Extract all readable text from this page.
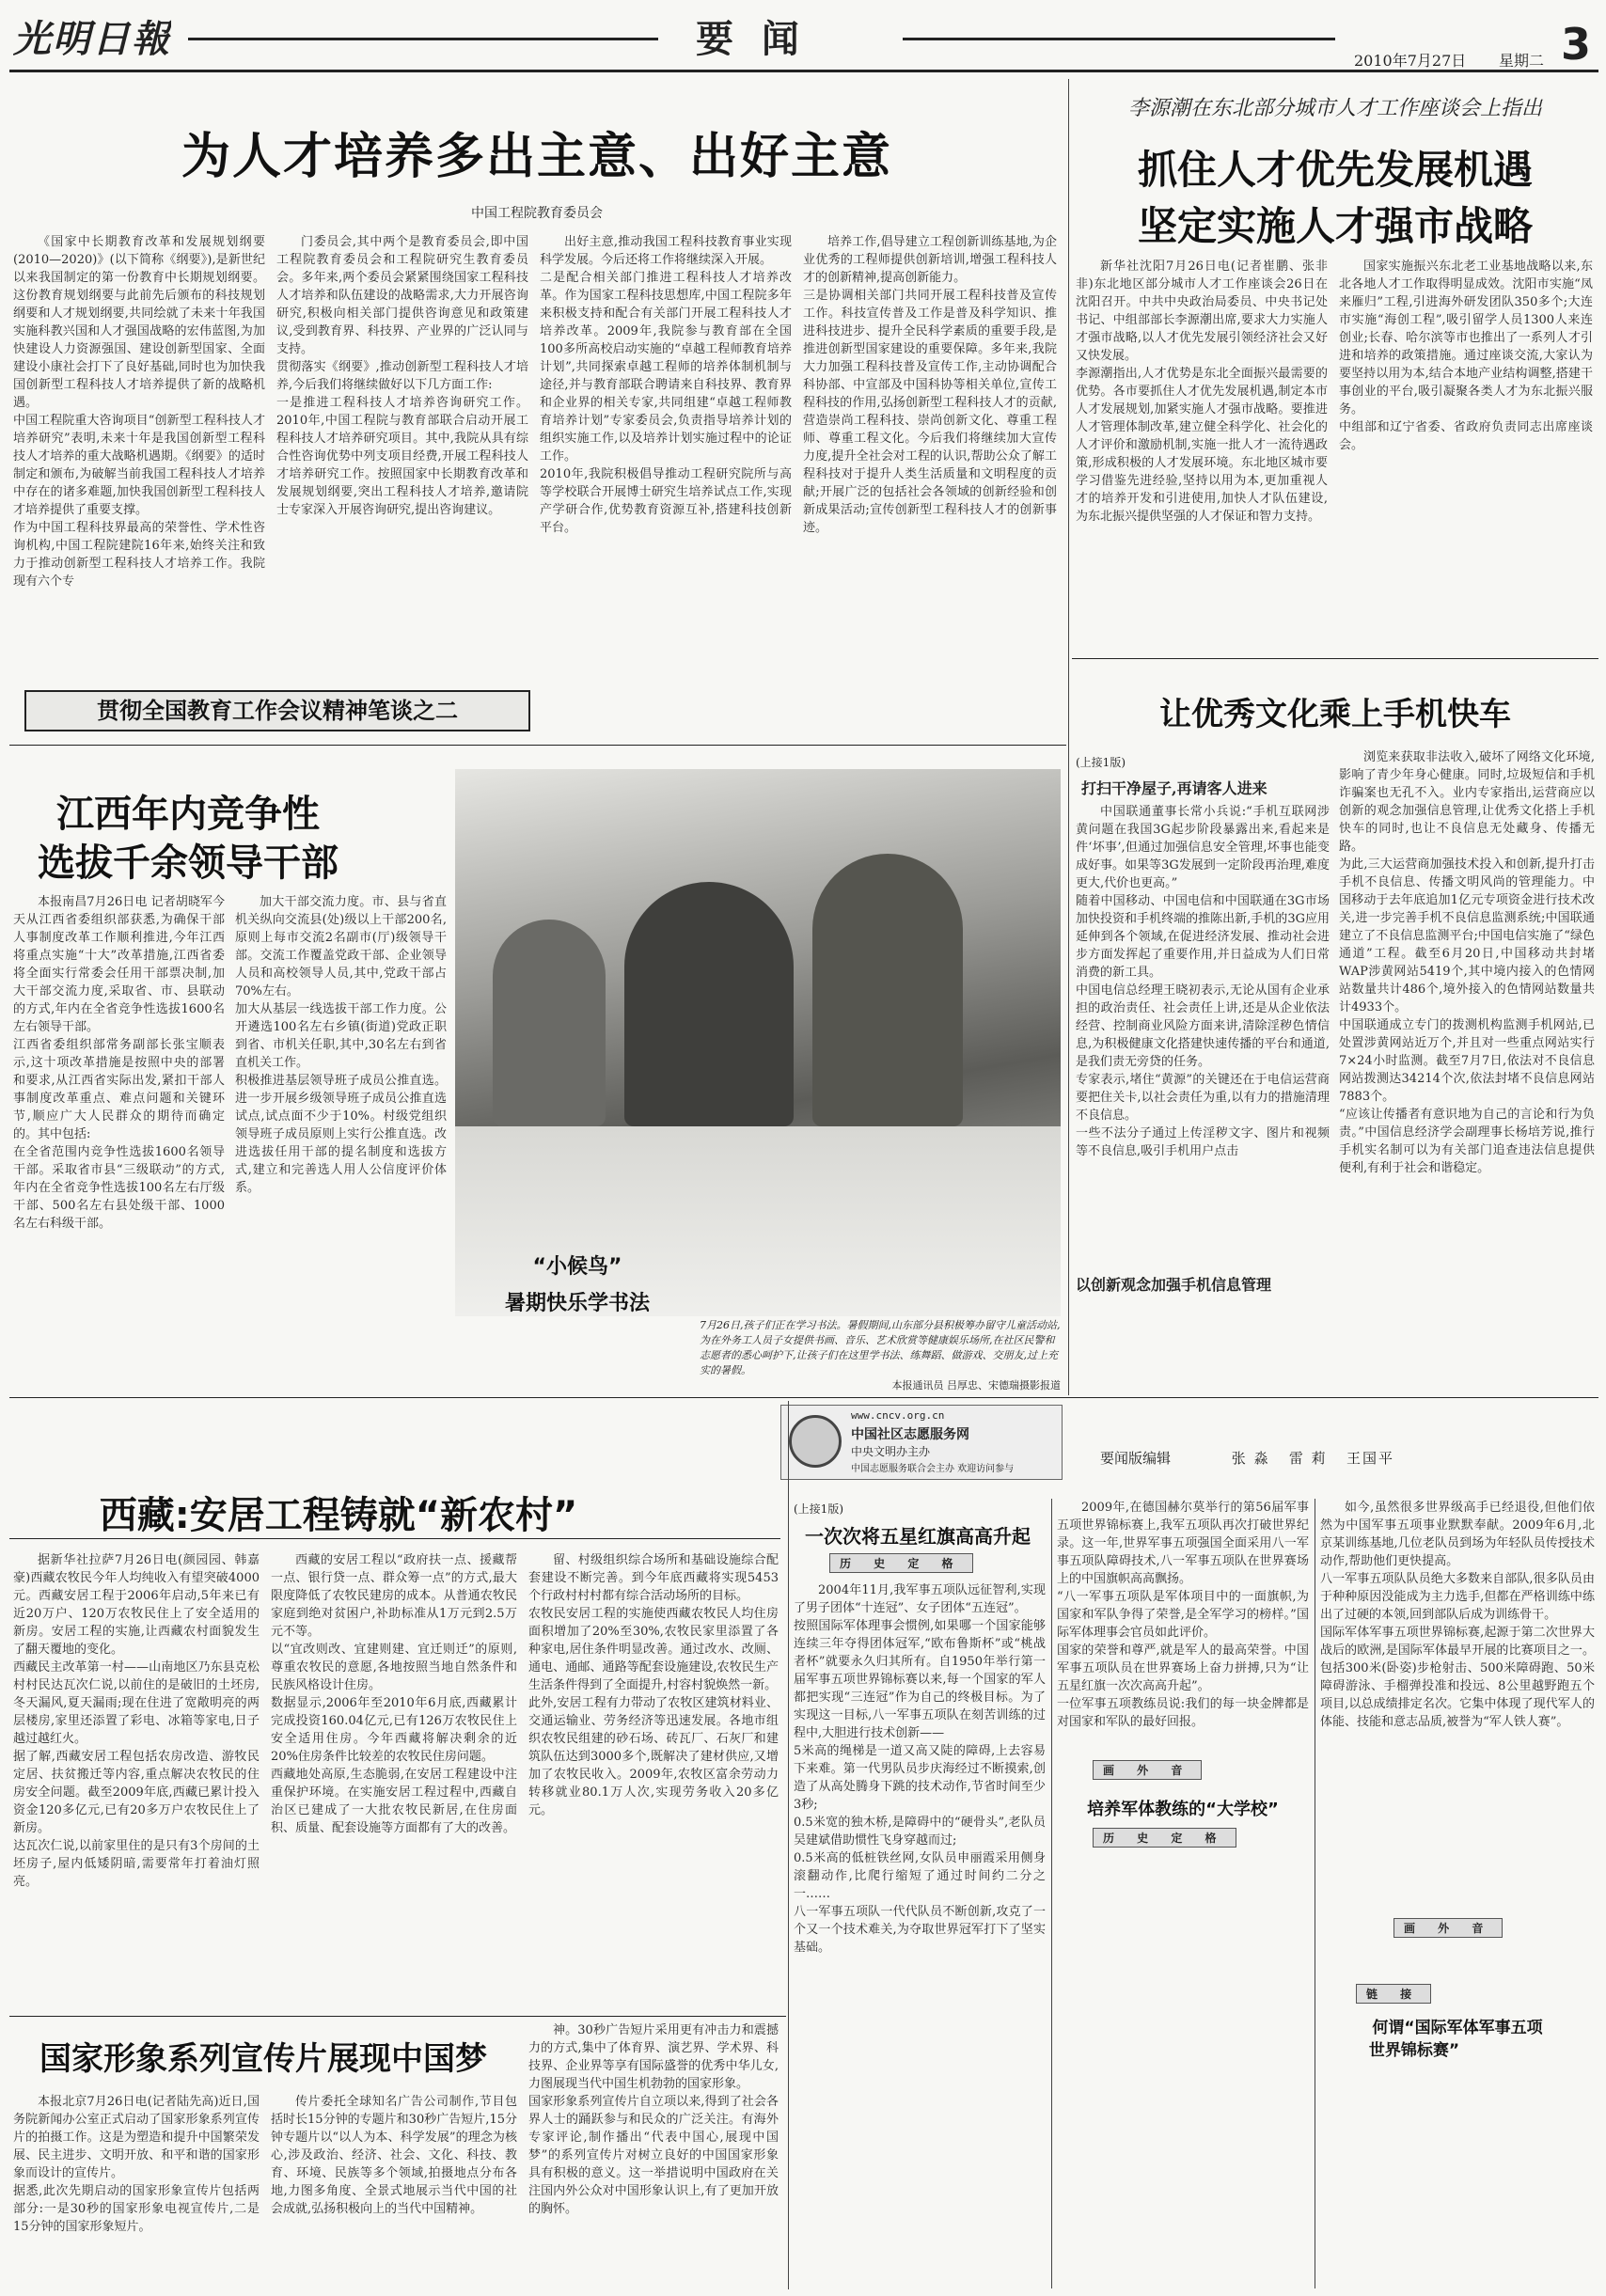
光明日報	要 闻	2010年7月27日 星期二 3
为人才培养多出主意、出好主意
中国工程院教育委员会
《国家中长期教育改革和发展规划纲要(2010—2020)》(以下简称《纲要》),是新世纪以来我国制定的第一份教育中长期规划纲要。这份教育规划纲要与此前先后颁布的科技规划纲要和人才规划纲要,共同绘就了未来十年我国实施科教兴国和人才强国战略的宏伟蓝图,为加快建设人力资源强国、建设创新型国家、全面建设小康社会打下了良好基础,同时也为加快我国创新型工程科技人才培养提供了新的战略机遇。
中国工程院重大咨询项目“创新型工程科技人才培养研究”表明,未来十年是我国创新型工程科技人才培养的重大战略机遇期。《纲要》的适时制定和颁布,为破解当前我国工程科技人才培养中存在的诸多难题,加快我国创新型工程科技人才培养提供了重要支撑。
作为中国工程科技界最高的荣誉性、学术性咨询机构,中国工程院建院16年来,始终关注和致力于推动创新型工程科技人才培养工作。我院现有六个专
门委员会,其中两个是教育委员会,即中国工程院教育委员会和工程院研究生教育委员会。多年来,两个委员会紧紧围绕国家工程科技人才培养和队伍建设的战略需求,大力开展咨询研究,积极向相关部门提供咨询意见和政策建议,受到教育界、科技界、产业界的广泛认同与支持。
贯彻落实《纲要》,推动创新型工程科技人才培养,今后我们将继续做好以下几方面工作:
一是推进工程科技人才培养咨询研究工作。2010年,中国工程院与教育部联合启动开展工程科技人才培养研究项目。其中,我院从具有综合性咨询优势中列支项目经费,开展工程科技人才培养研究工作。按照国家中长期教育改革和发展规划纲要,突出工程科技人才培养,邀请院士专家深入开展咨询研究,提出咨询建议。
出好主意,推动我国工程科技教育事业实现科学发展。今后还将工作将继续深入开展。
二是配合相关部门推进工程科技人才培养改革。作为国家工程科技思想库,中国工程院多年来积极支持和配合有关部门开展工程科技人才培养改革。2009年,我院参与教育部在全国100多所高校启动实施的“卓越工程师教育培养计划”,共同探索卓越工程师的培养体制机制与途径,并与教育部联合聘请来自科技界、教育界和企业界的相关专家,共同组建“卓越工程师教育培养计划”专家委员会,负责指导培养计划的组织实施工作,以及培养计划实施过程中的论证工作。
2010年,我院积极倡导推动工程研究院所与高等学校联合开展博士研究生培养试点工作,实现产学研合作,优势教育资源互补,搭建科技创新平台。
培养工作,倡导建立工程创新训练基地,为企业优秀的工程师提供创新培训,增强工程科技人才的创新精神,提高创新能力。
三是协调相关部门共同开展工程科技普及宣传工作。科技宣传普及工作是普及科学知识、推进科技进步、提升全民科学素质的重要手段,是推进创新型国家建设的重要保障。多年来,我院大力加强工程科技普及宣传工作,主动协调配合科协部、中宣部及中国科协等相关单位,宣传工程科技的作用,弘扬创新型工程科技人才的贡献,营造崇尚工程科技、崇尚创新文化、尊重工程师、尊重工程文化。今后我们将继续加大宣传力度,提升全社会对工程的认识,帮助公众了解工程科技对于提升人类生活质量和文明程度的贡献;开展广泛的包括社会各领域的创新经验和创新成果活动;宣传创新型工程科技人才的创新事迹。
贯彻全国教育工作会议精神笔谈之二
李源潮在东北部分城市人才工作座谈会上指出
抓住人才优先发展机遇
坚定实施人才强市战略
新华社沈阳7月26日电(记者崔鹏、张非非)东北地区部分城市人才工作座谈会26日在沈阳召开。中共中央政治局委员、中央书记处书记、中组部部长李源潮出席,要求大力实施人才强市战略,以人才优先发展引领经济社会又好又快发展。
李源潮指出,人才优势是东北全面振兴最需要的优势。各市要抓住人才优先发展机遇,制定本市人才发展规划,加紧实施人才强市战略。要推进人才管理体制改革,建立健全科学化、社会化的人才评价和激励机制,实施一批人才一流待遇政策,形成积极的人才发展环境。东北地区城市要学习借鉴先进经验,坚持以用为本,更加重视人才的培养开发和引进使用,加快人才队伍建设,为东北振兴提供坚强的人才保证和智力支持。
国家实施振兴东北老工业基地战略以来,东北各地人才工作取得明显成效。沈阳市实施“凤来雁归”工程,引进海外研发团队350多个;大连市实施“海创工程”,吸引留学人员1300人来连创业;长春、哈尔滨等市也推出了一系列人才引进和培养的政策措施。通过座谈交流,大家认为要坚持以用为本,结合本地产业结构调整,搭建干事创业的平台,吸引凝聚各类人才为东北振兴服务。
中组部和辽宁省委、省政府负责同志出席座谈会。
让优秀文化乘上手机快车
(上接1版)
打扫干净屋子,再请客人进来
中国联通董事长常小兵说:“手机互联网涉黄问题在我国3G起步阶段暴露出来,看起来是件‘坏事’,但通过加强信息安全管理,坏事也能变成好事。如果等3G发展到一定阶段再治理,难度更大,代价也更高。”
随着中国移动、中国电信和中国联通在3G市场加快投资和手机终端的推陈出新,手机的3G应用延伸到各个领域,在促进经济发展、推动社会进步方面发挥起了重要作用,并日益成为人们日常消费的新工具。
中国电信总经理王晓初表示,无论从国有企业承担的政治责任、社会责任上讲,还是从企业依法经营、控制商业风险方面来讲,清除淫秽色情信息,为积极健康文化搭建快速传播的平台和通道,是我们责无旁贷的任务。
专家表示,堵住“黄源”的关键还在于电信运营商要把住关卡,以社会责任为重,以有力的措施清理不良信息。
一些不法分子通过上传淫秽文字、图片和视频等不良信息,吸引手机用户点击
以创新观念加强手机信息管理
浏览来获取非法收入,破坏了网络文化环境,影响了青少年身心健康。同时,垃圾短信和手机诈骗案也无孔不入。业内专家指出,运营商应以创新的观念加强信息管理,让优秀文化搭上手机快车的同时,也让不良信息无处藏身、传播无路。
为此,三大运营商加强技术投入和创新,提升打击手机不良信息、传播文明风尚的管理能力。中国移动于去年底追加1亿元专项资金进行技术改关,进一步完善手机不良信息监测系统;中国联通建立了不良信息监测平台;中国电信实施了“绿色通道”工程。截至6月20日,中国移动共封堵WAP涉黄网站5419个,其中境内接入的色情网站数量共计486个,境外接入的色情网站数量共计4933个。
中国联通成立专门的拨测机构监测手机网站,已处置涉黄网站近万个,并且对一些重点网站实行7×24小时监测。截至7月7日,依法对不良信息网站拨测达34214个次,依法封堵不良信息网站7883个。
“应该让传播者有意识地为自己的言论和行为负责。”中国信息经济学会副理事长杨培芳说,推行手机实名制可以为有关部门追查违法信息提供便利,有利于社会和谐稳定。
江西年内竞争性
选拔千余领导干部
本报南昌7月26日电 记者胡晓军今天从江西省委组织部获悉,为确保干部人事制度改革工作顺利推进,今年江西将重点实施“十大”改革措施,江西省委将全面实行常委会任用干部票决制,加大干部交流力度,采取省、市、县联动的方式,年内在全省竞争性选拔1600名左右领导干部。
江西省委组织部常务副部长张宝顺表示,这十项改革措施是按照中央的部署和要求,从江西省实际出发,紧扣干部人事制度改革重点、难点问题和关键环节,顺应广大人民群众的期待而确定的。其中包括:
在全省范围内竞争性选拔1600名领导干部。采取省市县“三级联动”的方式,年内在全省竞争性选拔100名左右厅级干部、500名左右县处级干部、1000名左右科级干部。
加大干部交流力度。市、县与省直机关纵向交流县(处)级以上干部200名,原则上每市交流2名副市(厅)级领导干部。交流工作覆盖党政干部、企业领导人员和高校领导人员,其中,党政干部占70%左右。
加大从基层一线选拔干部工作力度。公开遴选100名左右乡镇(街道)党政正职到省、市机关任职,其中,30名左右到省直机关工作。
积极推进基层领导班子成员公推直选。进一步开展乡级领导班子成员公推直选试点,试点面不少于10%。村级党组织领导班子成员原则上实行公推直选。改进选拔任用干部的提名制度和选拔方式,建立和完善选人用人公信度评价体系。
“小候鸟”
暑期快乐学书法
7月26日,孩子们正在学习书法。暑假期间,山东部分县积极筹办留守儿童活动站,为在外务工人员子女提供书画、音乐、艺术欣赏等健康娱乐场所,在社区民警和志愿者的悉心呵护下,让孩子们在这里学书法、练舞蹈、做游戏、交朋友,过上充实的暑假。
本报通讯员 吕厚忠、宋德瑞摄影报道
www.cncv.org.cn
中国社区志愿服务网
中央文明办主办
中国志愿服务联合会主办 欢迎访问参与
要闻版编辑	张 淼   雷 莉   王国平
西藏:安居工程铸就“新农村”
据新华社拉萨7月26日电(颜园园、韩嘉豪)西藏农牧民今年人均纯收入有望突破4000元。西藏安居工程于2006年启动,5年来已有近20万户、120万农牧民住上了安全适用的新房。安居工程的实施,让西藏农村面貌发生了翻天覆地的变化。
西藏民主改革第一村——山南地区乃东县克松村村民达瓦次仁说,以前住的是破旧的土坯房,冬天漏风,夏天漏雨;现在住进了宽敞明亮的两层楼房,家里还添置了彩电、冰箱等家电,日子越过越红火。
据了解,西藏安居工程包括农房改造、游牧民定居、扶贫搬迁等内容,重点解决农牧民的住房安全问题。截至2009年底,西藏已累计投入资金120多亿元,已有20多万户农牧民住上了新房。
达瓦次仁说,以前家里住的是只有3个房间的土坯房子,屋内低矮阴暗,需要常年打着油灯照亮。
西藏的安居工程以“政府扶一点、援藏帮一点、银行贷一点、群众筹一点”的方式,最大限度降低了农牧民建房的成本。从普通农牧民家庭到绝对贫困户,补助标准从1万元到2.5万元不等。
以“宜改则改、宜建则建、宜迁则迁”的原则,尊重农牧民的意愿,各地按照当地自然条件和民族风格设计住房。
数据显示,2006年至2010年6月底,西藏累计完成投资160.04亿元,已有126万农牧民住上安全适用住房。今年西藏将解决剩余的近20%住房条件比较差的农牧民住房问题。
西藏地处高原,生态脆弱,在安居工程建设中注重保护环境。在实施安居工程过程中,西藏自治区已建成了一大批农牧民新居,在住房面积、质量、配套设施等方面都有了大的改善。
留、村级组织综合场所和基础设施综合配套建设不断完善。到今年底西藏将实现5453个行政村村村都有综合活动场所的目标。
农牧民安居工程的实施使西藏农牧民人均住房面积增加了20%至30%,农牧民家里添置了各种家电,居住条件明显改善。通过改水、改厕、通电、通邮、通路等配套设施建设,农牧民生产生活条件得到了全面提升,村容村貌焕然一新。
此外,安居工程有力带动了农牧区建筑材料业、交通运输业、劳务经济等迅速发展。各地市组织农牧民组建的砂石场、砖瓦厂、石灰厂和建筑队伍达到3000多个,既解决了建材供应,又增加了农牧民收入。2009年,农牧区富余劳动力转移就业80.1万人次,实现劳务收入20多亿元。
国家形象系列宣传片展现中国梦
本报北京7月26日电(记者陆先高)近日,国务院新闻办公室正式启动了国家形象系列宣传片的拍摄工作。这是为塑造和提升中国繁荣发展、民主进步、文明开放、和平和谐的国家形象而设计的宣传片。
据悉,此次先期启动的国家形象宣传片包括两部分:一是30秒的国家形象电视宣传片,二是15分钟的国家形象短片。
传片委托全球知名广告公司制作,节目包括时长15分钟的专题片和30秒广告短片,15分钟专题片以“以人为本、科学发展”的理念为核心,涉及政治、经济、社会、文化、科技、教育、环境、民族等多个领域,拍摄地点分布各地,力图多角度、全景式地展示当代中国的社会成就,弘扬积极向上的当代中国精神。
神。30秒广告短片采用更有冲击力和震撼力的方式,集中了体育界、演艺界、学术界、科技界、企业界等享有国际盛誉的优秀中华儿女,力图展现当代中国生机勃勃的国家形象。
国家形象系列宣传片自立项以来,得到了社会各界人士的踊跃参与和民众的广泛关注。有海外专家评论,制作播出“代表中国心,展现中国梦”的系列宣传片对树立良好的中国国家形象具有积极的意义。这一举措说明中国政府在关注国内外公众对中国形象认识上,有了更加开放的胸怀。
(上接1版)
一次次将五星红旗高高升起
历 史 定 格
2004年11月,我军事五项队远征智利,实现了男子团体“十连冠”、女子团体“五连冠”。
按照国际军体理事会惯例,如果哪一个国家能够连续三年夺得团体冠军,“欧布鲁斯杯”或“桃战者杯”就要永久归其所有。自1950年举行第一届军事五项世界锦标赛以来,每一个国家的军人都把实现“三连冠”作为自己的终极目标。为了实现这一目标,八一军事五项队在刻苦训练的过程中,大胆进行技术创新——
5米高的绳梯是一道又高又陡的障碍,上去容易下来难。第一代男队员步庆海经过不断摸索,创造了从高处腾身下跳的技术动作,节省时间至少3秒;
0.5米宽的独木桥,是障碍中的“硬骨头”,老队员吴建斌借助惯性飞身穿越而过;
0.5米高的低桩铁丝网,女队员申丽霞采用侧身滚翻动作,比爬行缩短了通过时间约二分之一……
八一军事五项队一代代队员不断创新,攻克了一个又一个技术难关,为夺取世界冠军打下了坚实基础。
2009年,在德国赫尔莫举行的第56届军事五项世界锦标赛上,我军五项队再次打破世界纪录。这一年,世界军事五项强国全面采用八一军事五项队障碍技术,八一军事五项队在世界赛场上的中国旗帜高高飘扬。
“八一军事五项队是军体项目中的一面旗帜,为国家和军队争得了荣誉,是全军学习的榜样。”国际军体理事会官员如此评价。
国家的荣誉和尊严,就是军人的最高荣誉。中国军事五项队员在世界赛场上奋力拼搏,只为“让五星红旗一次次高高升起”。
一位军事五项教练员说:我们的每一块金牌都是对国家和军队的最好回报。
画 外 音
培养军体教练的“大学校”
历 史 定 格
如今,虽然很多世界级高手已经退役,但他们依然为中国军事五项事业默默奉献。2009年6月,北京某训练基地,几位老队员到场为年轻队员传授技术动作,帮助他们更快提高。
八一军事五项队队员绝大多数来自部队,很多队员由于种种原因没能成为主力选手,但都在严格训练中练出了过硬的本领,回到部队后成为训练骨干。
国际军体军事五项世界锦标赛,起源于第二次世界大战后的欧洲,是国际军体最早开展的比赛项目之一。包括300米(卧姿)步枪射击、500米障碍跑、50米障碍游泳、手榴弹投准和投远、8公里越野跑五个项目,以总成绩排定名次。它集中体现了现代军人的体能、技能和意志品质,被誉为“军人铁人赛”。
画 外 音
链 接
何谓“国际军体军事五项
世界锦标赛”
